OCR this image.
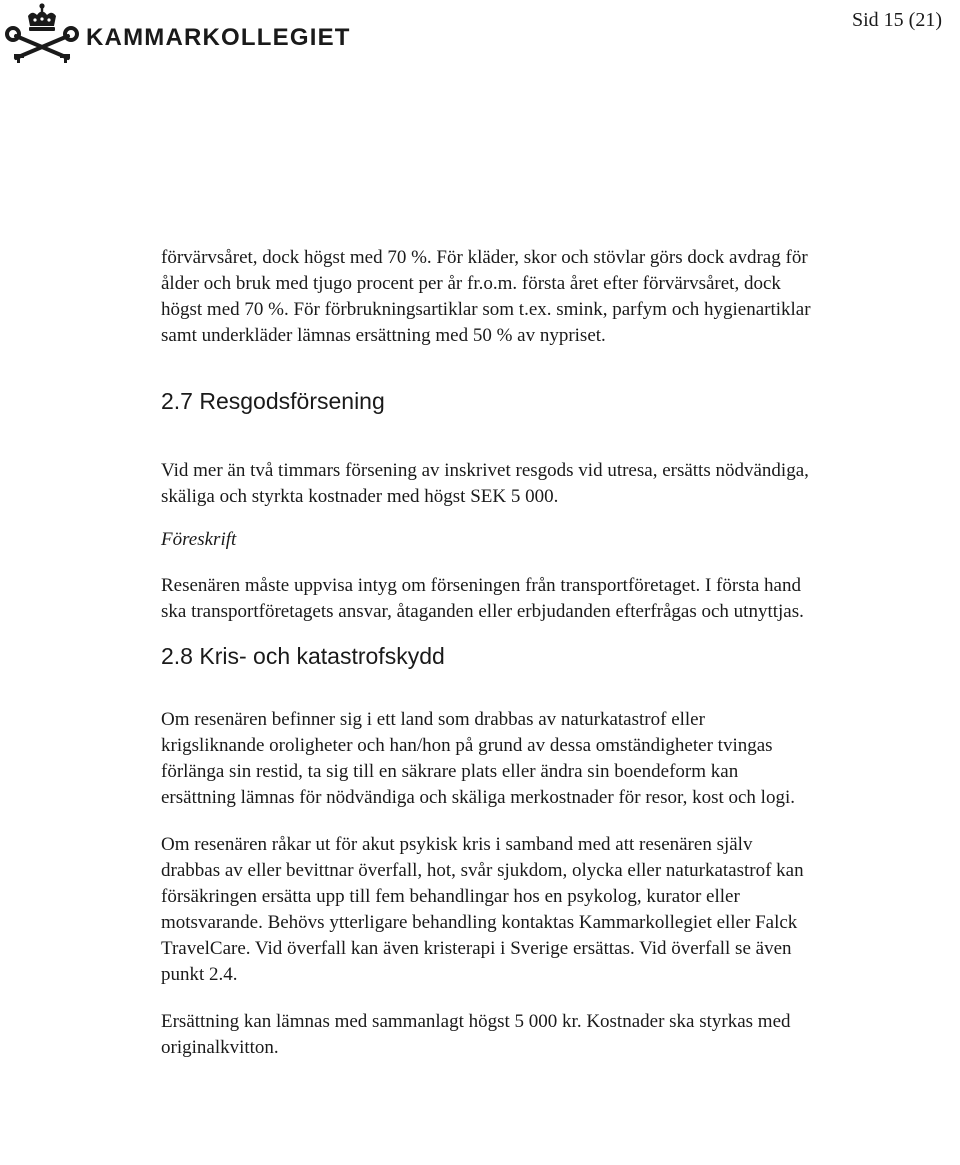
KAMMARKOLLEGIET
Sid 15 (21)

förvärvsåret, dock högst med 70 %. För kläder, skor och stövlar görs dock avdrag för ålder och bruk med tjugo procent per år fr.o.m. första året efter förvärvsåret, dock högst med 70 %. För förbrukningsartiklar som t.ex. smink, parfym och hygienartiklar samt underkläder lämnas ersättning med 50 % av nypriset.

2.7 Resgodsförsening

Vid mer än två timmars försening av inskrivet resgods vid utresa, ersätts nödvändiga, skäliga och styrkta kostnader med högst SEK 5 000.

Föreskrift

Resenären måste uppvisa intyg om förseningen från transportföretaget. I första hand ska transportföretagets ansvar, åtaganden eller erbjudanden efterfrågas och utnyttjas.

2.8 Kris- och katastrofskydd

Om resenären befinner sig i ett land som drabbas av naturkatastrof eller krigsliknande oroligheter och han/hon på grund av dessa omständigheter tvingas förlänga sin restid, ta sig till en säkrare plats eller ändra sin boendeform kan ersättning lämnas för nödvändiga och skäliga merkostnader för resor, kost och logi.

Om resenären råkar ut för akut psykisk kris i samband med att resenären själv drabbas av eller bevittnar överfall, hot, svår sjukdom, olycka eller naturkatastrof kan försäkringen ersätta upp till fem behandlingar hos en psykolog, kurator eller motsvarande. Behövs ytterligare behandling kontaktas Kammarkollegiet eller Falck TravelCare. Vid överfall kan även kristerapi i Sverige ersättas. Vid överfall se även punkt 2.4.

Ersättning kan lämnas med sammanlagt högst 5 000 kr. Kostnader ska styrkas med originalkvitton.
